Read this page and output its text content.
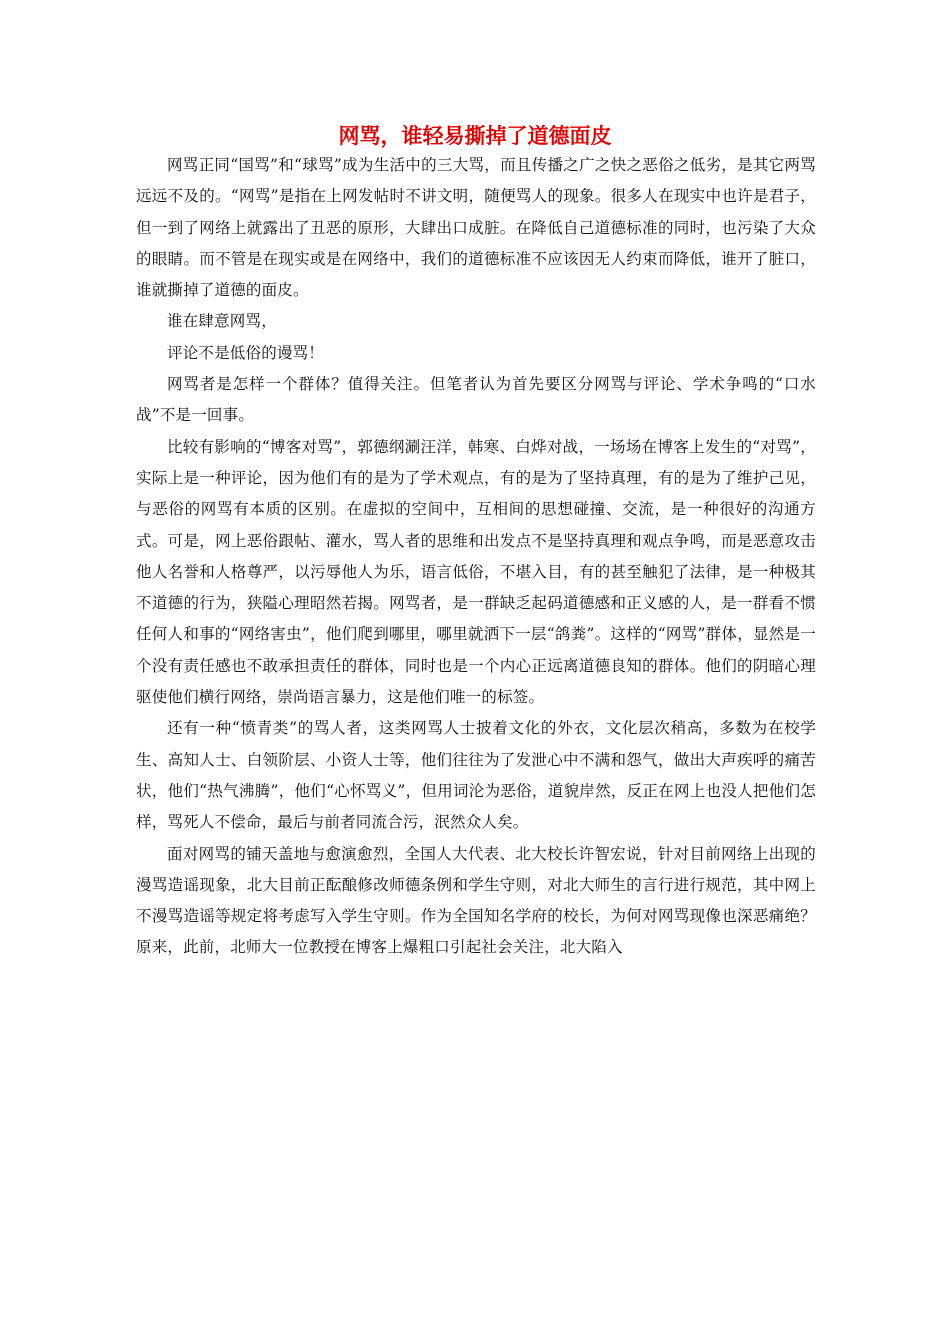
网骂，谁轻易撕掉了道德面皮

网骂正同“国骂”和“球骂”成为生活中的三大骂，而且传播之广之快之恶俗之低劣，是其它两骂远远不及的。“网骂”是指在上网发帖时不讲文明，随便骂人的现象。很多人在现实中也许是君子，但一到了网络上就露出了丑恶的原形，大肆出口成脏。在降低自己道德标准的同时，也污染了大众的眼睛。而不管是在现实或是在网络中，我们的道德标准不应该因无人约束而降低，谁开了脏口，谁就撕掉了道德的面皮。

谁在肆意网骂，

评论不是低俗的谩骂！

网骂者是怎样一个群体？值得关注。但笔者认为首先要区分网骂与评论、学术争鸣的“口水战”不是一回事。

比较有影响的“博客对骂”，郭德纲涮汪洋，韩寒、白烨对战，一场场在博客上发生的“对骂”，实际上是一种评论，因为他们有的是为了学术观点，有的是为了坚持真理，有的是为了维护己见，与恶俗的网骂有本质的区别。在虚拟的空间中，互相间的思想碰撞、交流，是一种很好的沟通方式。可是，网上恶俗跟帖、灌水，骂人者的思维和出发点不是坚持真理和观点争鸣，而是恶意攻击他人名誉和人格尊严，以污辱他人为乐，语言低俗，不堪入目，有的甚至触犯了法律，是一种极其不道德的行为，狭隘心理昭然若揭。网骂者，是一群缺乏起码道德感和正义感的人，是一群看不惯任何人和事的“网络害虫”，他们爬到哪里，哪里就洒下一层“鸽粪”。这样的“网骂”群体，显然是一个没有责任感也不敢承担责任的群体，同时也是一个内心正远离道德良知的群体。他们的阴暗心理驱使他们横行网络，崇尚语言暴力，这是他们唯一的标签。

还有一种“愤青类”的骂人者，这类网骂人士披着文化的外衣，文化层次稍高，多数为在校学生、高知人士、白领阶层、小资人士等，他们往往为了发泄心中不满和怨气，做出大声疾呼的痛苦状，他们“热气沸腾”，他们“心怀骂义”，但用词沦为恶俗，道貌岸然，反正在网上也没人把他们怎样，骂死人不偿命，最后与前者同流合污，泯然众人矣。

面对网骂的铺天盖地与愈演愈烈，全国人大代表、北大校长许智宏说，针对目前网络上出现的漫骂造谣现象，北大目前正酝酿修改师德条例和学生守则，对北大师生的言行进行规范，其中网上不漫骂造谣等规定将考虑写入学生守则。作为全国知名学府的校长，为何对网骂现像也深恶痛绝？原来，此前，北师大一位教授在博客上爆粗口引起社会关注，北大陷入
